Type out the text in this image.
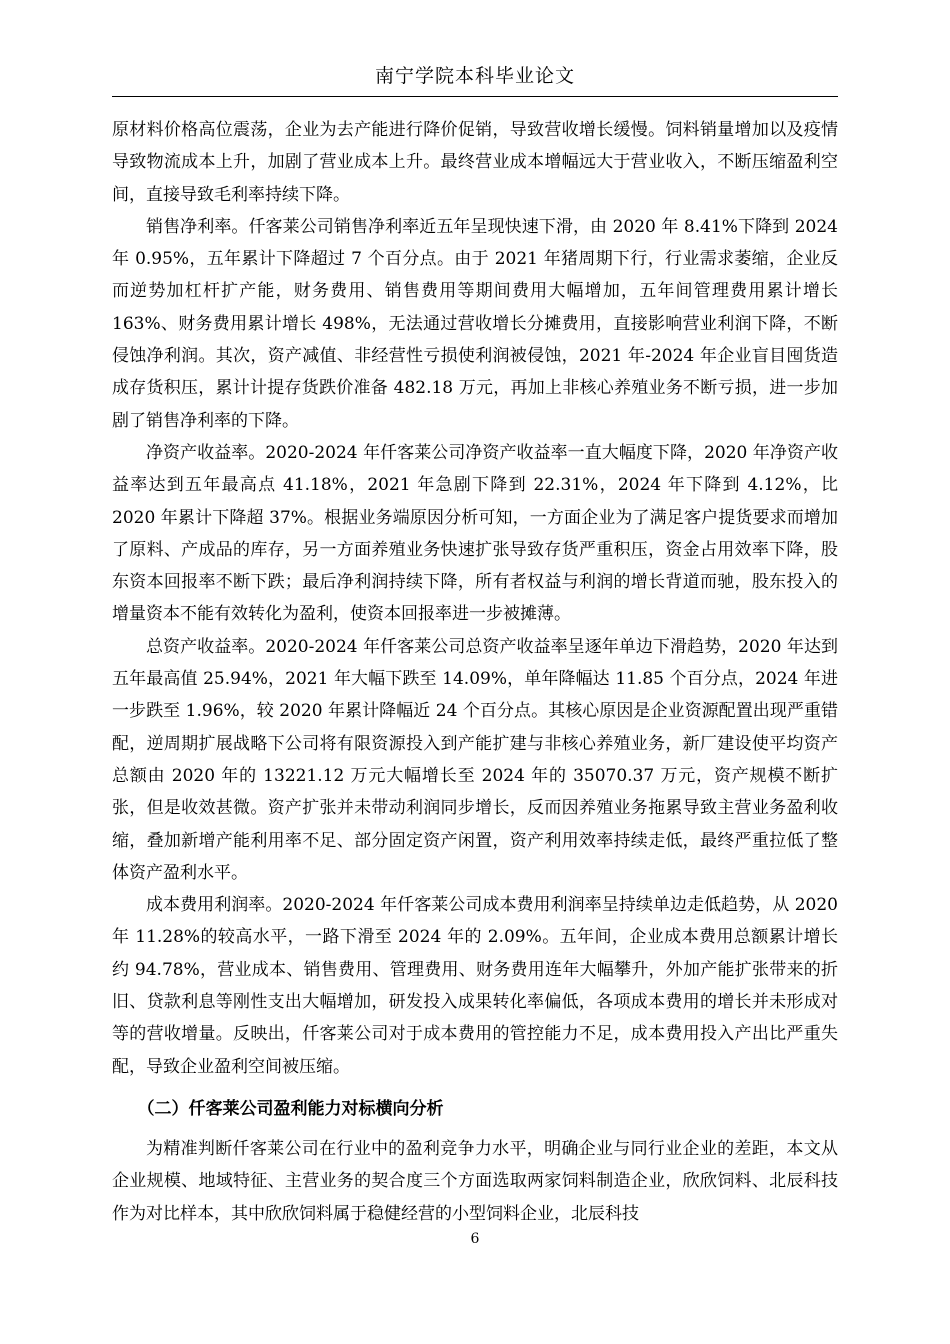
南宁学院本科毕业论文

原材料价格高位震荡，企业为去产能进行降价促销，导致营收增长缓慢。饲料销量增加以及疫情导致物流成本上升，加剧了营业成本上升。最终营业成本增幅远大于营业收入，不断压缩盈利空间，直接导致毛利率持续下降。

销售净利率。仟客莱公司销售净利率近五年呈现快速下滑，由 2020 年 8.41%下降到 2024 年 0.95%，五年累计下降超过 7 个百分点。由于 2021 年猪周期下行，行业需求萎缩，企业反而逆势加杠杆扩产能，财务费用、销售费用等期间费用大幅增加，五年间管理费用累计增长 163%、财务费用累计增长 498%，无法通过营收增长分摊费用，直接影响营业利润下降，不断侵蚀净利润。其次，资产减值、非经营性亏损使利润被侵蚀，2021 年-2024 年企业盲目囤货造成存货积压，累计计提存货跌价准备 482.18 万元，再加上非核心养殖业务不断亏损，进一步加剧了销售净利率的下降。

净资产收益率。2020-2024 年仟客莱公司净资产收益率一直大幅度下降，2020 年净资产收益率达到五年最高点 41.18%，2021 年急剧下降到 22.31%，2024 年下降到 4.12%，比 2020 年累计下降超 37%。根据业务端原因分析可知，一方面企业为了满足客户提货要求而增加了原料、产成品的库存，另一方面养殖业务快速扩张导致存货严重积压，资金占用效率下降，股东资本回报率不断下跌；最后净利润持续下降，所有者权益与利润的增长背道而驰，股东投入的增量资本不能有效转化为盈利，使资本回报率进一步被摊薄。

总资产收益率。2020-2024 年仟客莱公司总资产收益率呈逐年单边下滑趋势，2020 年达到五年最高值 25.94%，2021 年大幅下跌至 14.09%，单年降幅达 11.85 个百分点，2024 年进一步跌至 1.96%，较 2020 年累计降幅近 24 个百分点。其核心原因是企业资源配置出现严重错配，逆周期扩展战略下公司将有限资源投入到产能扩建与非核心养殖业务，新厂建设使平均资产总额由 2020 年的 13221.12 万元大幅增长至 2024 年的 35070.37 万元，资产规模不断扩张，但是收效甚微。资产扩张并未带动利润同步增长，反而因养殖业务拖累导致主营业务盈利收缩，叠加新增产能利用率不足、部分固定资产闲置，资产利用效率持续走低，最终严重拉低了整体资产盈利水平。

成本费用利润率。2020-2024 年仟客莱公司成本费用利润率呈持续单边走低趋势，从 2020 年 11.28%的较高水平，一路下滑至 2024 年的 2.09%。五年间，企业成本费用总额累计增长约 94.78%，营业成本、销售费用、管理费用、财务费用连年大幅攀升，外加产能扩张带来的折旧、贷款利息等刚性支出大幅增加，研发投入成果转化率偏低，各项成本费用的增长并未形成对等的营收增量。反映出，仟客莱公司对于成本费用的管控能力不足，成本费用投入产出比严重失配，导致企业盈利空间被压缩。

（二）仟客莱公司盈利能力对标横向分析

为精准判断仟客莱公司在行业中的盈利竞争力水平，明确企业与同行业企业的差距，本文从企业规模、地域特征、主营业务的契合度三个方面选取两家饲料制造企业，欣欣饲料、北辰科技作为对比样本，其中欣欣饲料属于稳健经营的小型饲料企业，北辰科技

6
